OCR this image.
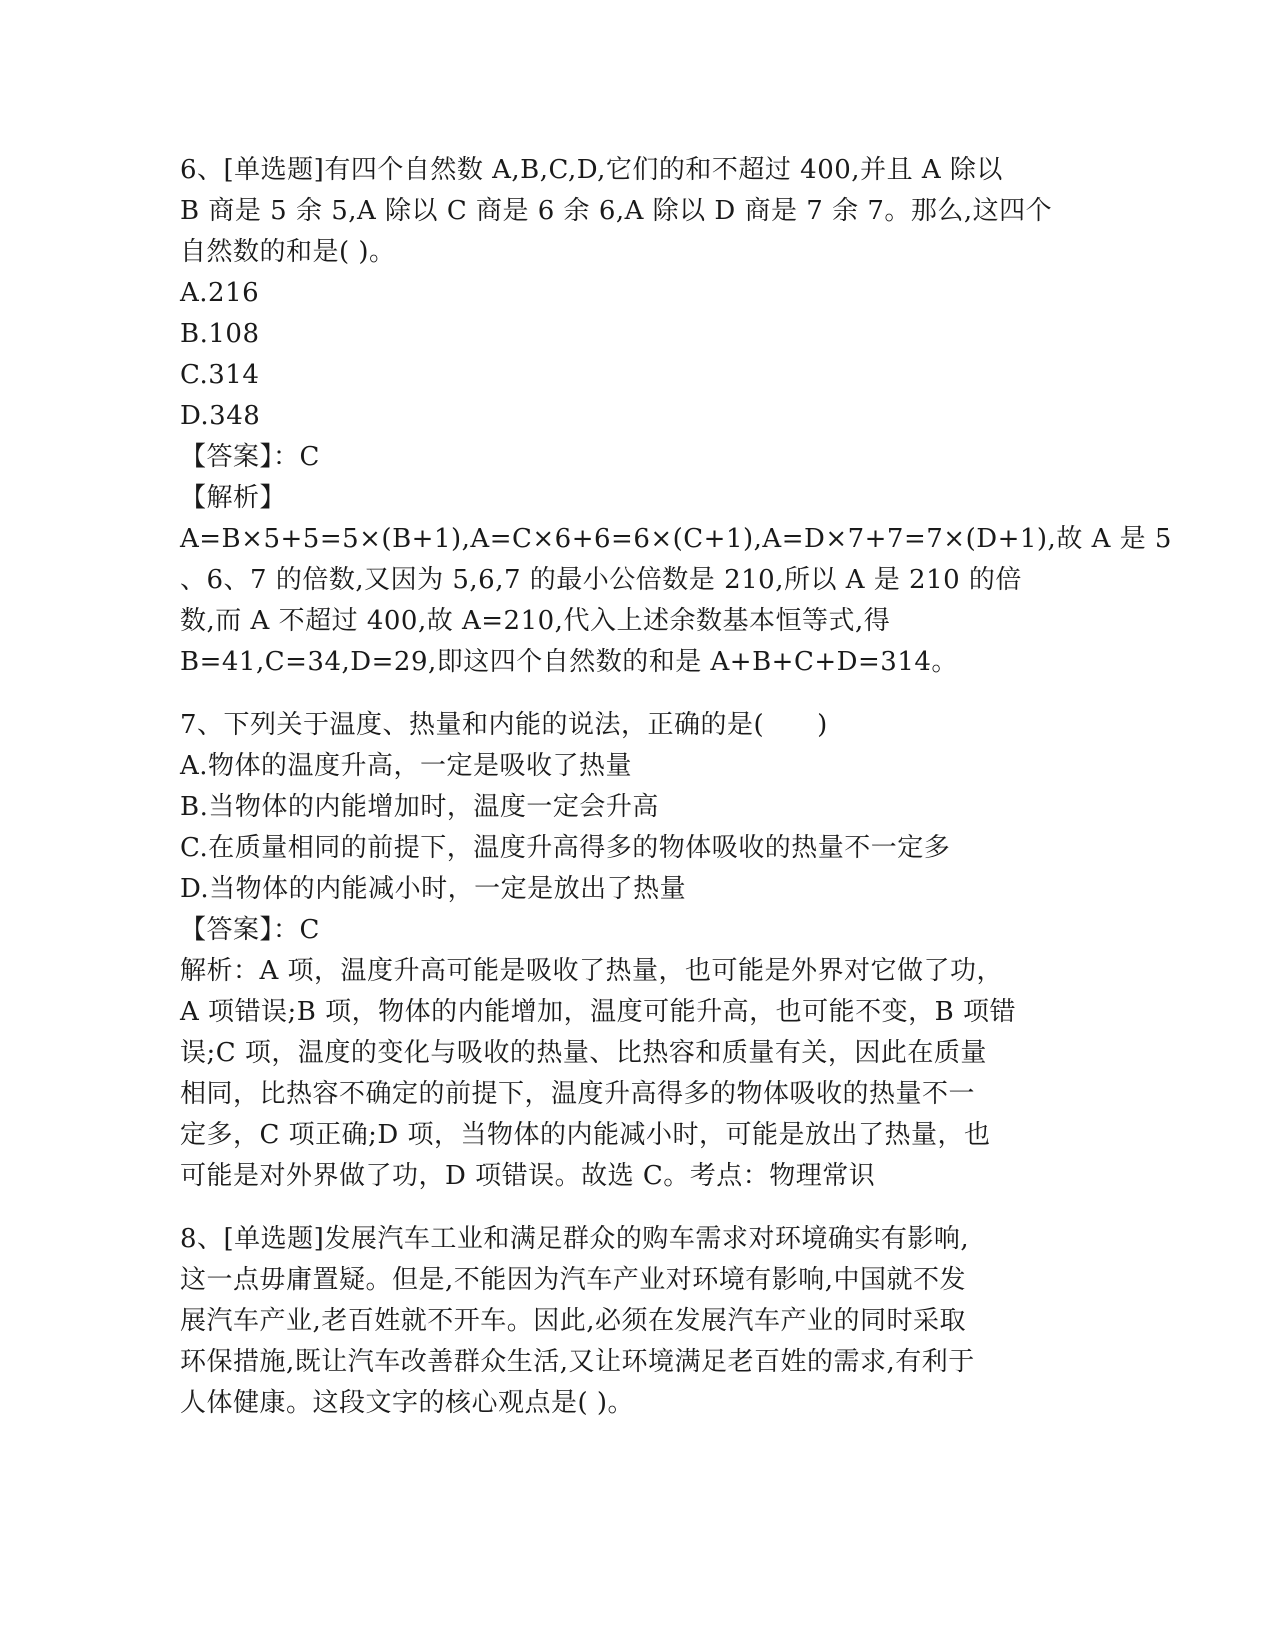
6、[单选题]有四个自然数 A,B,C,D,它们的和不超过 400,并且 A 除以
B 商是 5 余 5,A 除以 C 商是 6 余 6,A 除以 D 商是 7 余 7。那么,这四个
自然数的和是( )。
A.216
B.108
C.314
D.348
【答案】：C
【解析】
A=B×5+5=5×(B+1),A=C×6+6=6×(C+1),A=D×7+7=7×(D+1),故 A 是 5
、6、7 的倍数,又因为 5,6,7 的最小公倍数是 210,所以 A 是 210 的倍
数,而 A 不超过 400,故 A=210,代入上述余数基本恒等式,得
B=41,C=34,D=29,即这四个自然数的和是 A+B+C+D=314。
7、下列关于温度、热量和内能的说法，正确的是(　　)
A.物体的温度升高，一定是吸收了热量
B.当物体的内能增加时，温度一定会升高
C.在质量相同的前提下，温度升高得多的物体吸收的热量不一定多
D.当物体的内能减小时，一定是放出了热量
【答案】：C
解析：A 项，温度升高可能是吸收了热量，也可能是外界对它做了功，
A 项错误;B 项，物体的内能增加，温度可能升高，也可能不变，B 项错
误;C 项，温度的变化与吸收的热量、比热容和质量有关，因此在质量
相同，比热容不确定的前提下，温度升高得多的物体吸收的热量不一
定多，C 项正确;D 项，当物体的内能减小时，可能是放出了热量，也
可能是对外界做了功，D 项错误。故选 C。考点：物理常识
8、[单选题]发展汽车工业和满足群众的购车需求对环境确实有影响,
这一点毋庸置疑。但是,不能因为汽车产业对环境有影响,中国就不发
展汽车产业,老百姓就不开车。因此,必须在发展汽车产业的同时采取
环保措施,既让汽车改善群众生活,又让环境满足老百姓的需求,有利于
人体健康。这段文字的核心观点是( )。
